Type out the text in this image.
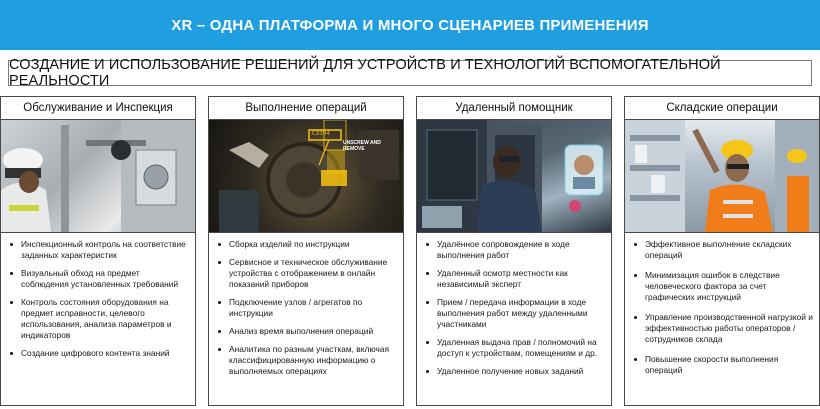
XR – ОДНА ПЛАТФОРМА И МНОГО СЦЕНАРИЕВ ПРИМЕНЕНИЯ
СОЗДАНИЕ И ИСПОЛЬЗОВАНИЕ РЕШЕНИЙ ДЛЯ УСТРОЙСТВ И ТЕХНОЛОГИЙ ВСПОМОГАТЕЛЬНОЙ РЕАЛЬНОСТИ
Обслуживание и Инспекция
Инспекционный контроль на соответствие заданных характеристик
Визуальный обход на предмет соблюдения установленных требований
Контроль состояния оборудования на предмет исправности, целевого использования, анализа параметров и индикаторов
Создание цифрового контента знаний
Выполнение операций
C3394
UNSCREW AND REMOVE
Сборка изделий по инструкции
Сервисное и техническое обслуживание устройства с отображением в онлайн показаний приборов
Подключение узлов / агрегатов по инструкции
Анализ время выполнения операций
Аналитика по разным участкам, включая классифицированную информацию о выполняемых операциях
Удаленный помощник
Удалённое сопровождение в ходе выполнения работ
Удаленный осмотр местности как независимый эксперт
Прием / передача информации в ходе выполнения работ между удаленными участниками
Удаленная выдача прав / полномочий на доступ к устройствам, помещениям и др.
Удаленное получение новых заданий
Складские операции
Эффективное выполнение складских операций
Минимизация ошибок в следствие человеческого фактора за счет графических инструкций
Управление производственной нагрузкой и эффективностью работы операторов / сотрудников склада
Повышение скорости выполнения операций
